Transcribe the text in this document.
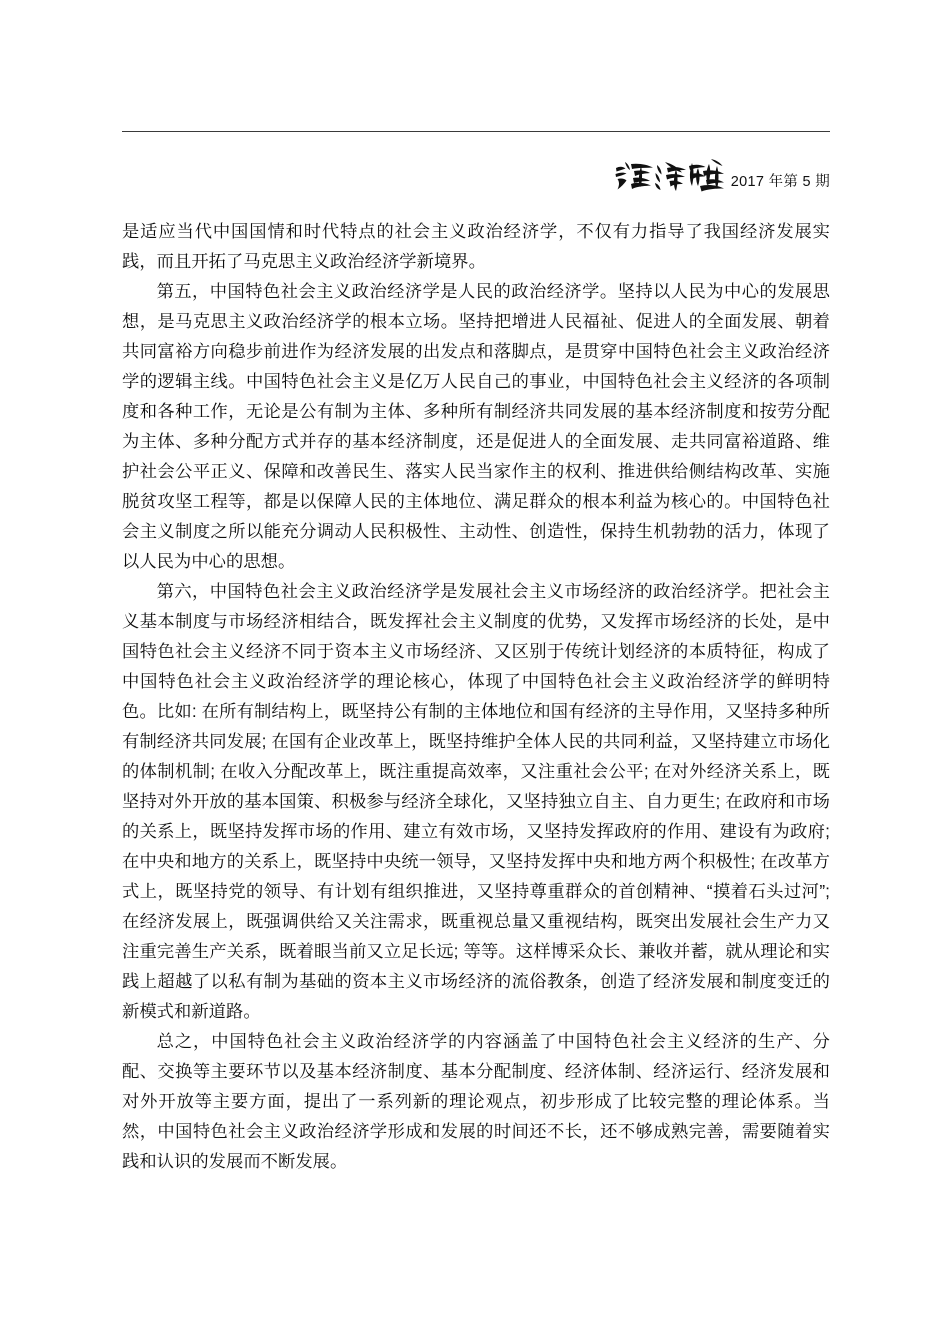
2017 年第 5 期

是适应当代中国国情和时代特点的社会主义政治经济学，不仅有力指导了我国经济发展实践，而且开拓了马克思主义政治经济学新境界。

第五，中国特色社会主义政治经济学是人民的政治经济学。坚持以人民为中心的发展思想，是马克思主义政治经济学的根本立场。坚持把增进人民福祉、促进人的全面发展、朝着共同富裕方向稳步前进作为经济发展的出发点和落脚点，是贯穿中国特色社会主义政治经济学的逻辑主线。中国特色社会主义是亿万人民自己的事业，中国特色社会主义经济的各项制度和各种工作，无论是公有制为主体、多种所有制经济共同发展的基本经济制度和按劳分配为主体、多种分配方式并存的基本经济制度，还是促进人的全面发展、走共同富裕道路、维护社会公平正义、保障和改善民生、落实人民当家作主的权利、推进供给侧结构改革、实施脱贫攻坚工程等，都是以保障人民的主体地位、满足群众的根本利益为核心的。中国特色社会主义制度之所以能充分调动人民积极性、主动性、创造性，保持生机勃勃的活力，体现了以人民为中心的思想。

第六，中国特色社会主义政治经济学是发展社会主义市场经济的政治经济学。把社会主义基本制度与市场经济相结合，既发挥社会主义制度的优势，又发挥市场经济的长处，是中国特色社会主义经济不同于资本主义市场经济、又区别于传统计划经济的本质特征，构成了中国特色社会主义政治经济学的理论核心，体现了中国特色社会主义政治经济学的鲜明特色。比如: 在所有制结构上，既坚持公有制的主体地位和国有经济的主导作用，又坚持多种所有制经济共同发展; 在国有企业改革上，既坚持维护全体人民的共同利益，又坚持建立市场化的体制机制; 在收入分配改革上，既注重提高效率，又注重社会公平; 在对外经济关系上，既坚持对外开放的基本国策、积极参与经济全球化，又坚持独立自主、自力更生; 在政府和市场的关系上，既坚持发挥市场的作用、建立有效市场，又坚持发挥政府的作用、建设有为政府; 在中央和地方的关系上，既坚持中央统一领导，又坚持发挥中央和地方两个积极性; 在改革方式上，既坚持党的领导、有计划有组织推进，又坚持尊重群众的首创精神、“摸着石头过河”; 在经济发展上，既强调供给又关注需求，既重视总量又重视结构，既突出发展社会生产力又注重完善生产关系，既着眼当前又立足长远; 等等。这样博采众长、兼收并蓄，就从理论和实践上超越了以私有制为基础的资本主义市场经济的流俗教条，创造了经济发展和制度变迁的新模式和新道路。

总之，中国特色社会主义政治经济学的内容涵盖了中国特色社会主义经济的生产、分配、交换等主要环节以及基本经济制度、基本分配制度、经济体制、经济运行、经济发展和对外开放等主要方面，提出了一系列新的理论观点，初步形成了比较完整的理论体系。当然，中国特色社会主义政治经济学形成和发展的时间还不长，还不够成熟完善，需要随着实践和认识的发展而不断发展。
